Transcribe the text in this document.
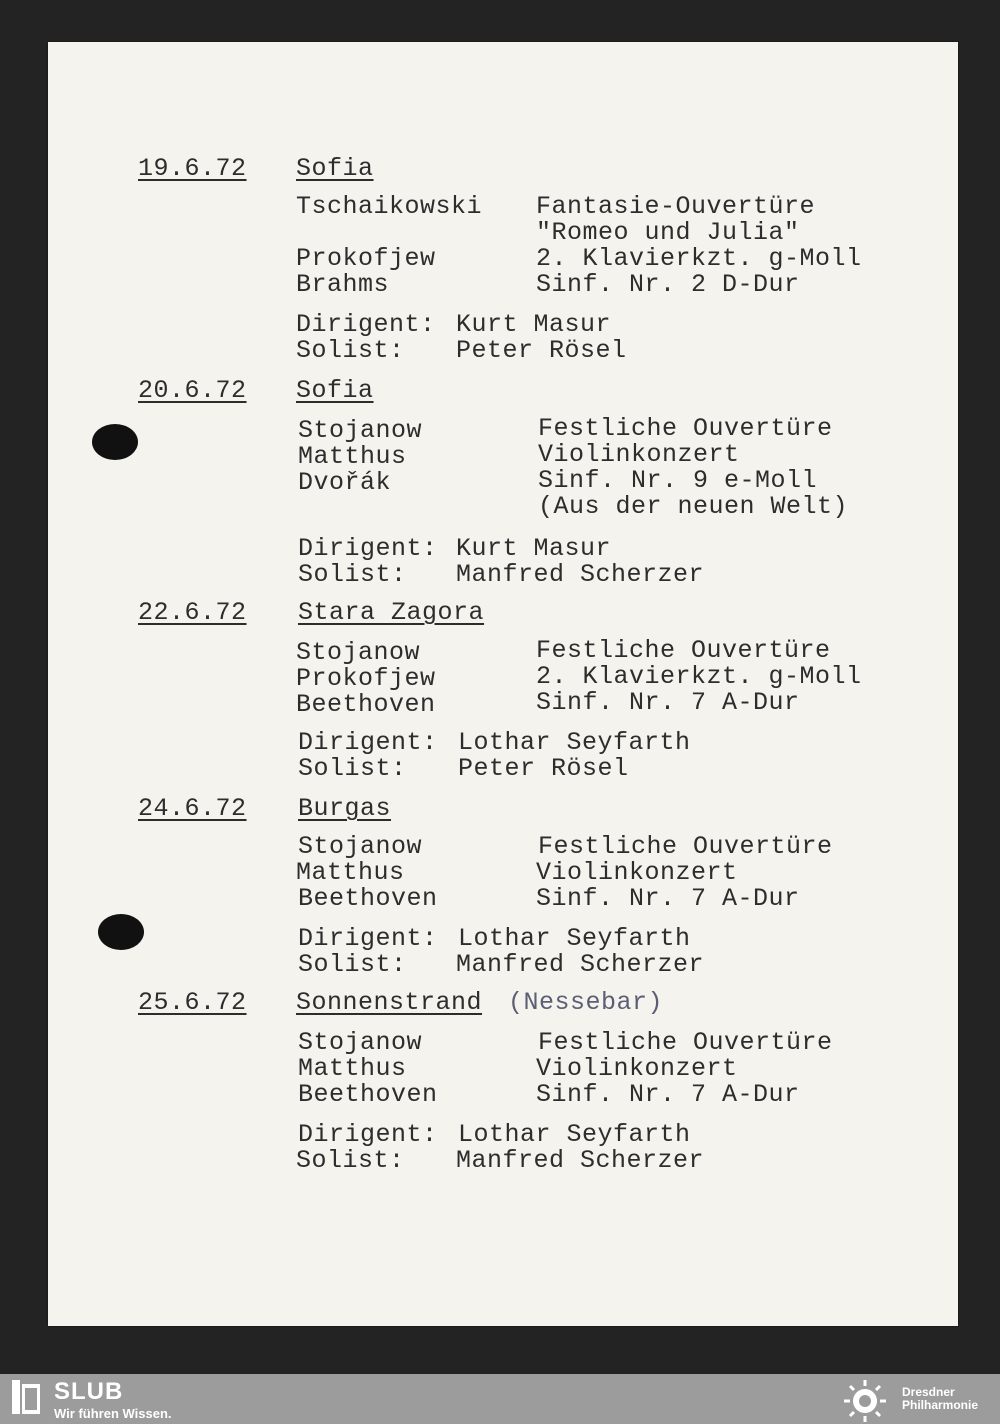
19.6.72 Sofia
Tschaikowski Fantasie-Ouvertüre
"Romeo und Julia"
Prokofjew	2. Klavierkzt. g-Moll
Brahms	Sinf. Nr. 2 D-Dur
Dirigent: Kurt Masur
Solist: Peter Rösel
20.6.72 Sofia
Stojanow	Festliche Ouvertüre
Matthus	Violinkonzert
Dvořák	Sinf. Nr. 9 e-Moll
(Aus der neuen Welt)
Dirigent: Kurt Masur
Solist: Manfred Scherzer
22.6.72 Stara Zagora
Stojanow	Festliche Ouvertüre
Prokofjew	2. Klavierkzt. g-Moll
Beethoven	Sinf. Nr. 7 A-Dur
Dirigent: Lothar Seyfarth
Solist: Peter Rösel
24.6.72 Burgas
Stojanow	Festliche Ouvertüre
Matthus	Violinkonzert
Beethoven	Sinf. Nr. 7 A-Dur
Dirigent: Lothar Seyfarth
Solist: Manfred Scherzer
25.6.72 Sonnenstrand (Nessebar)
Stojanow	Festliche Ouvertüre
Matthus	Violinkonzert
Beethoven	Sinf. Nr. 7 A-Dur
Dirigent: Lothar Seyfarth
Solist: Manfred Scherzer
SLUB
Wir führen Wissen.
Dresdner
Philharmonie
